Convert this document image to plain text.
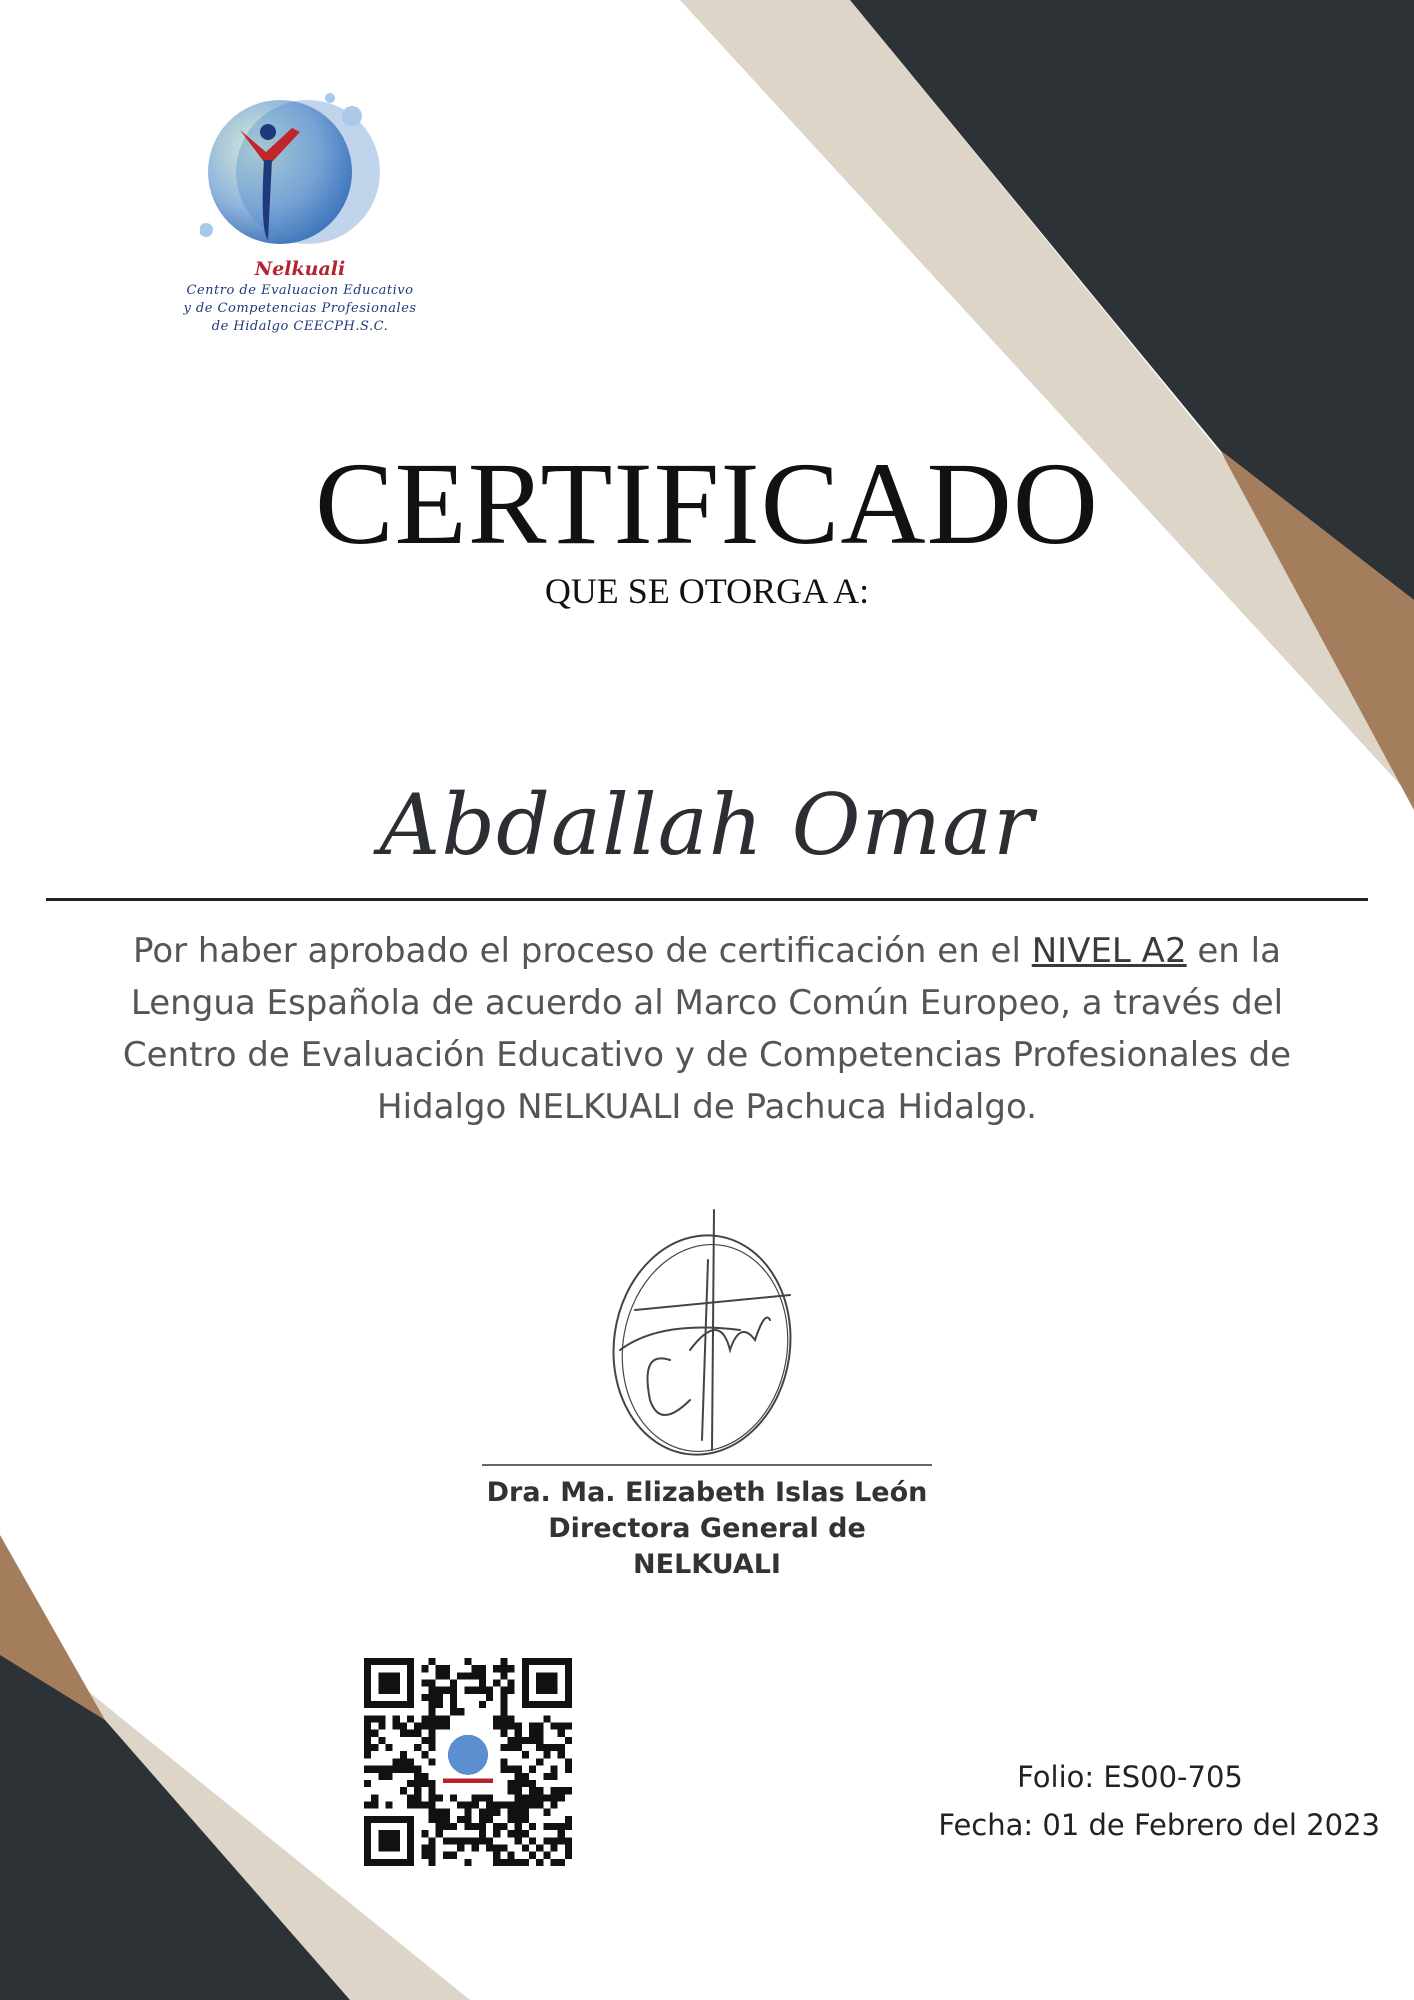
Nelkuali
Centro de Evaluacion Educativo
y de Competencias Profesionales
de Hidalgo CEECPH.S.C.
CERTIFICADO
QUE SE OTORGA A:
Abdallah Omar
Por haber aprobado el proceso de certificación en el NIVEL A2 en la Lengua Española de acuerdo al Marco Común Europeo, a través del Centro de Evaluación Educativo y de Competencias Profesionales de Hidalgo NELKUALI de Pachuca Hidalgo.
Dra. Ma. Elizabeth Islas León
Directora General de
NELKUALI
Folio: ES00-705
Fecha: 01 de Febrero del 2023
